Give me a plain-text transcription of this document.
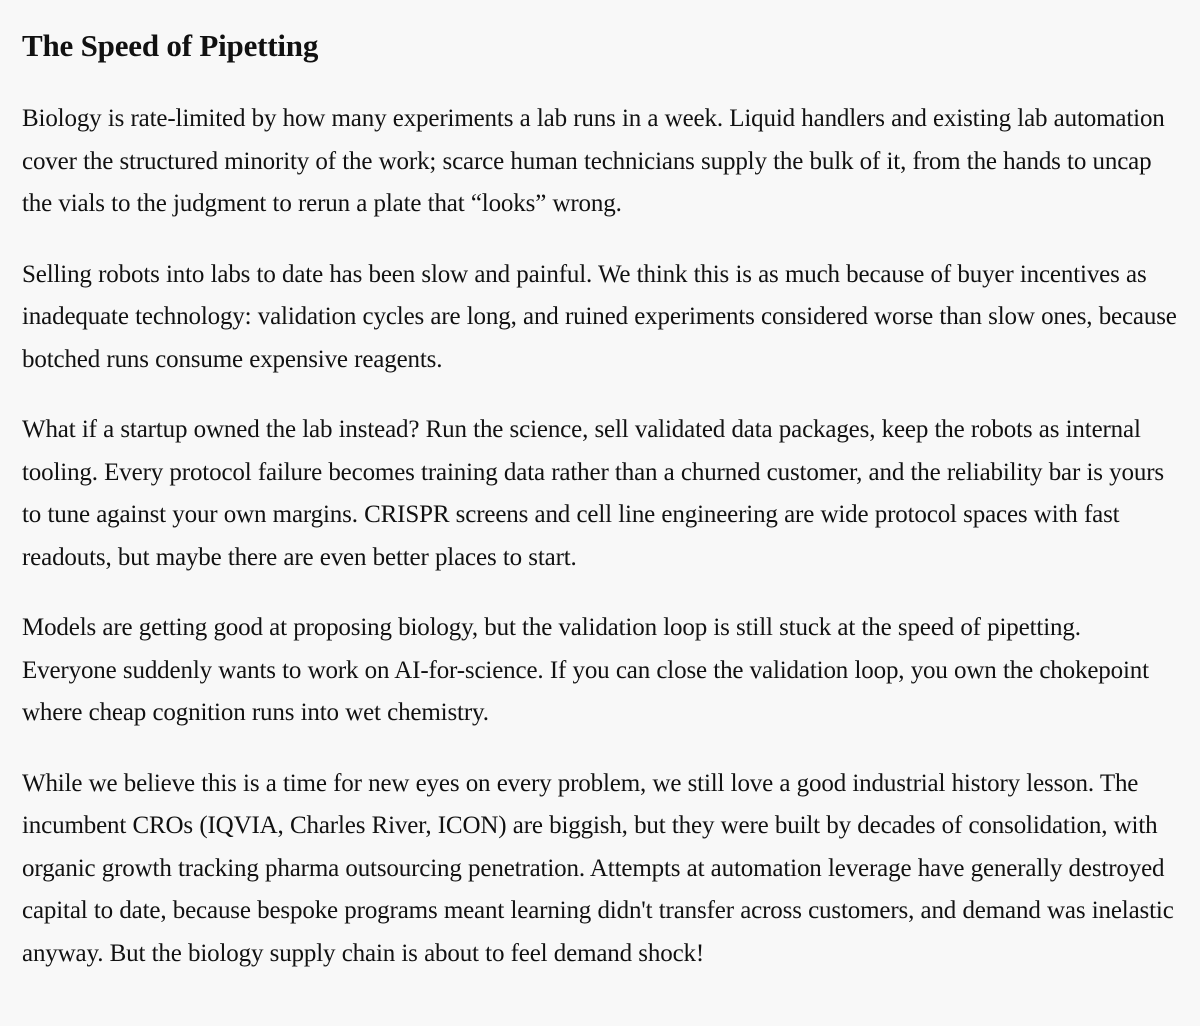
The Speed of Pipetting

Biology is rate-limited by how many experiments a lab runs in a week. Liquid handlers and existing lab automation cover the structured minority of the work; scarce human technicians supply the bulk of it, from the hands to uncap the vials to the judgment to rerun a plate that “looks” wrong.

Selling robots into labs to date has been slow and painful. We think this is as much because of buyer incentives as inadequate technology: validation cycles are long, and ruined experiments considered worse than slow ones, because botched runs consume expensive reagents.

What if a startup owned the lab instead? Run the science, sell validated data packages, keep the robots as internal tooling. Every protocol failure becomes training data rather than a churned customer, and the reliability bar is yours to tune against your own margins. CRISPR screens and cell line engineering are wide protocol spaces with fast readouts, but maybe there are even better places to start.

Models are getting good at proposing biology, but the validation loop is still stuck at the speed of pipetting. Everyone suddenly wants to work on AI-for-science. If you can close the validation loop, you own the chokepoint where cheap cognition runs into wet chemistry.

While we believe this is a time for new eyes on every problem, we still love a good industrial history lesson. The incumbent CROs (IQVIA, Charles River, ICON) are biggish, but they were built by decades of consolidation, with organic growth tracking pharma outsourcing penetration. Attempts at automation leverage have generally destroyed capital to date, because bespoke programs meant learning didn't transfer across customers, and demand was inelastic anyway. But the biology supply chain is about to feel demand shock!
